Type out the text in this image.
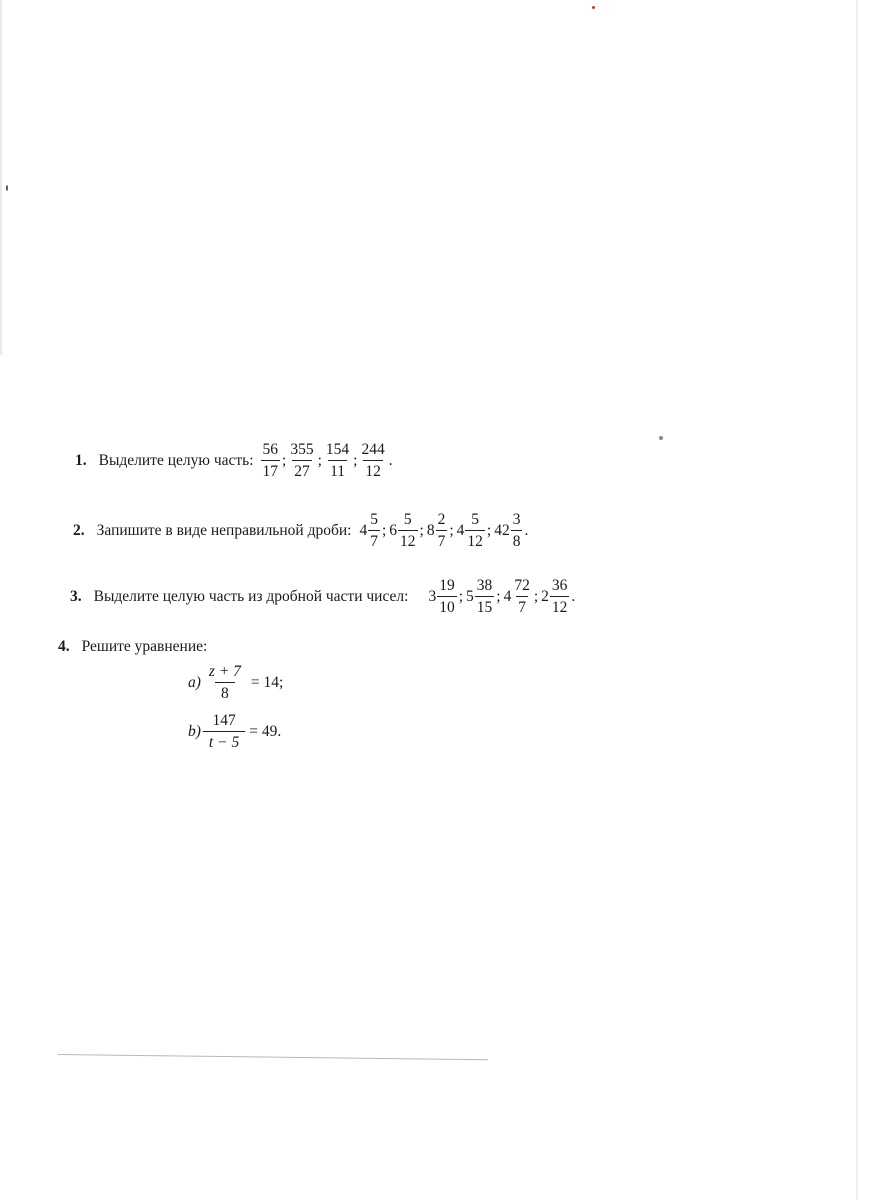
1. Выделите целую часть: $\frac{56}{17}$ ; $\frac{355}{27}$ ; $\frac{154}{11}$ ; $\frac{244}{12}$ .
2. Запишите в виде неправильной дроби: $4 \frac{5}{7}$ ; $6 \frac{5}{12}$ ; $8 \frac{2}{7}$ ; $4 \frac{5}{12}$ ; $42 \frac{3}{8}$ .
3. Выделите целую часть из дробной части чисел: $3 \frac{19}{10}$ ; $5 \frac{38}{15}$ ; $4 \frac{72}{7}$ ; $2 \frac{36}{12}$ .
4. Решите уравнение:
$a) \frac{z + 7}{8} = 14$;
$b) \frac{147}{t - 5} = 49$.
